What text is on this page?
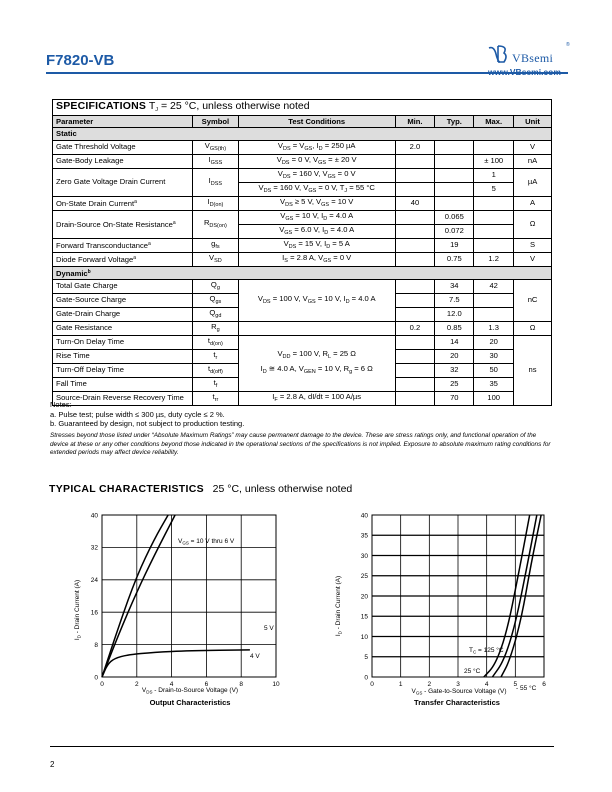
F7820-VB	VBsemi
®
SPECIFICATIONS $T_J = 25$ °C, unless otherwise noted						
Parameter	Symbol	Test Conditions	Min.	Typ.	Max.	Unit
Static						
Gate Threshold Voltage	$V_{GS(th)}$	$V_{DS} = V_{GS}$, $I_D = 250$ µA	2.0			V
Gate-Body Leakage	$I_{GSS}$	$V_{DS} = 0$ V, $V_{GS}$ = ± 20 V			± 100	nA
Zero Gate Voltage Drain Current	$I_{DSS}$	$V_{DS} = 160$ V, $V_{GS} = 0$ V			1	µA
		$V_{DS} = 160$ V, $V_{GS} = 0$ V, $T_J = 55$ °C			5	
On-State Drain Current$^a$	$I_{D(on)}$	$V_{DS} \ge 5$ V, $V_{GS} = 10$ V	40			A
Drain-Source On-State Resistance$^a$	$R_{DS(on)}$	$V_{GS} = 10$ V, $I_D = 4.0$ A		0.065		Ω
		$V_{GS} = 6.0$ V, $I_D = 4.0$ A		0.072		
Forward Transconductance$^a$	$g_{fs}$	$V_{DS} = 15$ V, $I_D = 5$ A		19		S
Diode Forward Voltage$^a$	$V_{SD}$	$I_S = 2.8$ A, $V_{GS} = 0$ V		0.75	1.2	V
Dynamic$^b$
Total Gate Charge	$Q_g$	$V_{DS} = 100$ V, $V_{GS} = 10$ V, $I_D = 4.0$ A		34	42	nC
Gate-Source Charge	$Q_{gs}$			7.5		
Gate-Drain Charge	$Q_{gd}$			12.0		
Gate Resistance	$R_g$		0.2	0.85	1.3	Ω
Turn-On Delay Time	$t_{d(on)}$	$V_{DD} = 100$ V, $R_L = 25$ Ω
$I_D$ ≅ 4.0 A, $V_{GEN} = 10$ V, $R_g = 6$ Ω		14	20	ns
Rise Time	$t_r$			20	30	
Turn-Off Delay Time	$t_{d(off)}$			32	50	
Fall Time	$t_f$			25	35	
Source-Drain Reverse Recovery Time	$t_{rr}$	$I_F = 2.8$ A, dI/dt = 100 A/µs		70	100	
Notes:
a. Pulse test; pulse width ≤ 300 µs, duty cycle ≤ 2 %.
b. Guaranteed by design, not subject to production testing.
Stresses beyond those listed under “Absolute Maximum Ratings” may cause permanent damage to the device. These are stress ratings only, and functional operation of the device at these or any other conditions beyond those indicated in the operational sections of the specifications is not implied. Exposure to absolute maximum rating conditions for extended periods may affect device reliability.
TYPICAL CHARACTERISTICS 25 °C, unless otherwise noted
0	2	4	6	8	10
0
8
16
24
32
40
$V_{GS} = 10$ V thru 6 V
5 V
4 V
$I_D$ - Drain Current (A)
$V_{DS}$ - Drain-to-Source Voltage (V)
Output Characteristics
0	1	2	3	4	5	6
0
5
10
15
20
25
30
35
40
$T_C = 125$ °C
25 °C
- 55 °C
$I_D$ - Drain Current (A)
$V_{GS}$ - Gate-to-Source Voltage (V)
Transfer Characteristics
2
